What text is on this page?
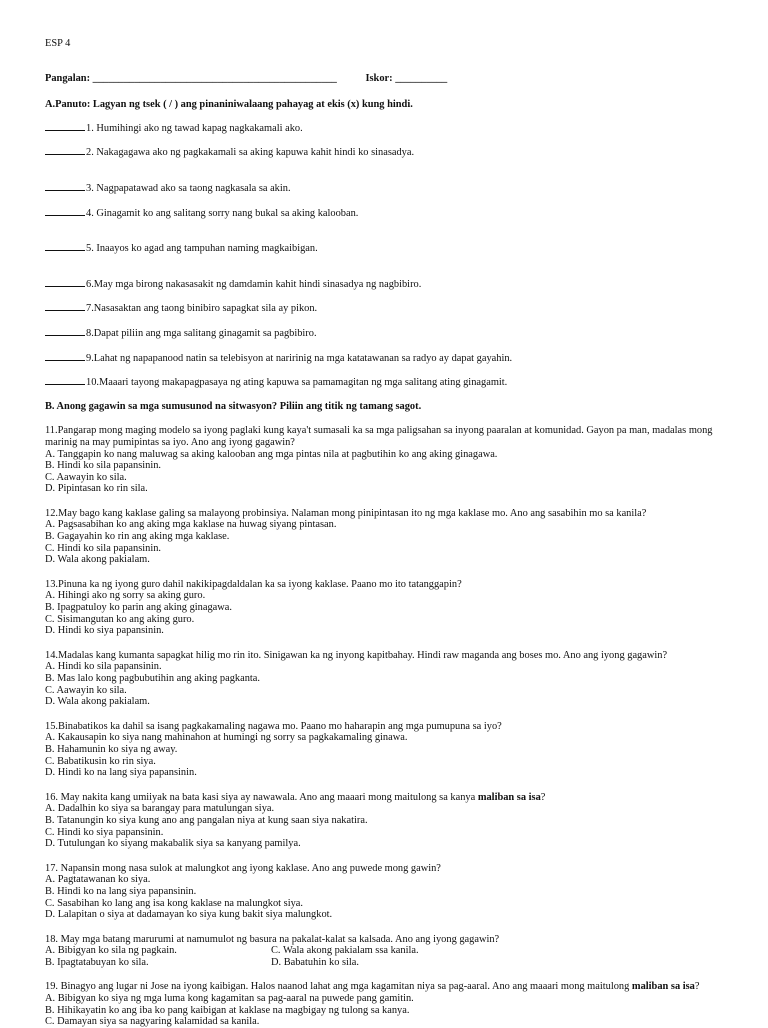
ESP 4
Pangalan: _______________________________________________	Iskor: __________
A.Panuto: Lagyan ng tsek ( / ) ang pinaniniwalaang pahayag at ekis (x) kung hindi.
1. Humihingi ako ng tawad kapag nagkakamali ako.
2. Nakagagawa ako ng pagkakamali sa aking kapuwa kahit hindi ko sinasadya.
3. Nagpapatawad ako sa taong nagkasala sa akin.
4. Ginagamit ko ang salitang sorry nang bukal sa aking kalooban.
5. Inaayos ko agad ang tampuhan naming magkaibigan.
6.May mga birong nakasasakit ng damdamin kahit hindi sinasadya ng nagbibiro.
7.Nasasaktan ang taong binibiro sapagkat sila ay pikon.
8.Dapat piliin ang mga salitang ginagamit sa pagbibiro.
9.Lahat ng napapanood natin sa telebisyon at naririnig na mga katatawanan sa radyo ay dapat gayahin.
10.Maaari tayong makapagpasaya ng ating kapuwa sa pamamagitan ng mga salitang ating ginagamit.
B. Anong gagawin sa mga sumusunod na sitwasyon? Piliin ang titik ng tamang sagot.

11.Pangarap mong maging modelo sa iyong paglaki kung kaya't sumasali ka sa mga paligsahan sa inyong paaralan at komunidad. Gayon pa man, madalas mong marinig na may pumipintas sa iyo. Ano ang iyong gagawin?

A. Tanggapin ko nang maluwag sa aking kalooban ang mga pintas nila at pagbutihin ko ang aking ginagawa.

B. Hindi ko sila papansinin.

C. Aawayin ko sila.

D. Pipintasan ko rin sila.

12.May bago kang kaklase galing sa malayong probinsiya. Nalaman mong pinipintasan ito ng mga kaklase mo. Ano ang sasabihin mo sa kanila?

A. Pagsasabihan ko ang aking mga kaklase na huwag siyang pintasan.

B. Gagayahin ko rin ang aking mga kaklase.

C. Hindi ko sila papansinin.

D. Wala akong pakialam.

13.Pinuna ka ng iyong guro dahil nakikipagdaldalan ka sa iyong kaklase. Paano mo ito tatanggapin?

A. Hihingi ako ng sorry sa aking guro.

B. Ipagpatuloy ko parin ang aking ginagawa.

C. Sisimangutan ko ang aking guro.

D. Hindi ko siya papansinin.

14.Madalas kang kumanta sapagkat hilig mo rin ito. Sinigawan ka ng inyong kapitbahay. Hindi raw maganda ang boses mo. Ano ang iyong gagawin?

A. Hindi ko sila papansinin.

B. Mas lalo kong pagbubutihin ang aking pagkanta.

C. Aawayin ko sila.

D. Wala akong pakialam.

15.Binabatikos ka dahil sa isang pagkakamaling nagawa mo. Paano mo haharapin ang mga pumupuna sa iyo?

A. Kakausapin ko siya nang mahinahon at humingi ng sorry sa pagkakamaling ginawa.

B. Hahamunin ko siya ng away.

C. Babatikusin ko rin siya.

D. Hindi ko na lang siya papansinin.

16. May nakita kang umiiyak na bata kasi siya ay nawawala. Ano ang maaari mong maitulong sa kanya maliban sa isa?

A. Dadalhin ko siya sa barangay para matulungan siya.

B. Tatanungin ko siya kung ano ang pangalan niya at kung saan siya nakatira.

C. Hindi ko siya papansinin.

D. Tutulungan ko siyang makabalik siya sa kanyang pamilya.

17. Napansin mong nasa sulok at malungkot ang iyong kaklase. Ano ang puwede mong gawin?

A. Pagtatawanan ko siya.

B. Hindi ko na lang siya papansinin.

C. Sasabihan ko lang ang isa kong kaklase na malungkot siya.

D. Lalapitan o siya at dadamayan ko siya kung bakit siya malungkot.

18. May mga batang marurumi at namumulot ng basura na pakalat-kalat sa kalsada. Ano ang iyong gagawin?

A. Bibigyan ko sila ng pagkain.	C. Wala akong pakialam ssa kanila.
B. Ipagtatabuyan ko sila.	D. Babatuhin ko sila.

19. Binagyo ang lugar ni Jose na iyong kaibigan. Halos naanod lahat ang mga kagamitan niya sa pag-aaral. Ano ang maaari mong maitulong maliban sa isa?

A. Bibigyan ko siya ng mga luma kong kagamitan sa pag-aaral na puwede pang gamitin.

B. Hihikayatin ko ang iba ko pang kaibigan at kaklase na magbigay ng tulong sa kanya.

C. Damayan siya sa nagyaring kalamidad sa kanila.
